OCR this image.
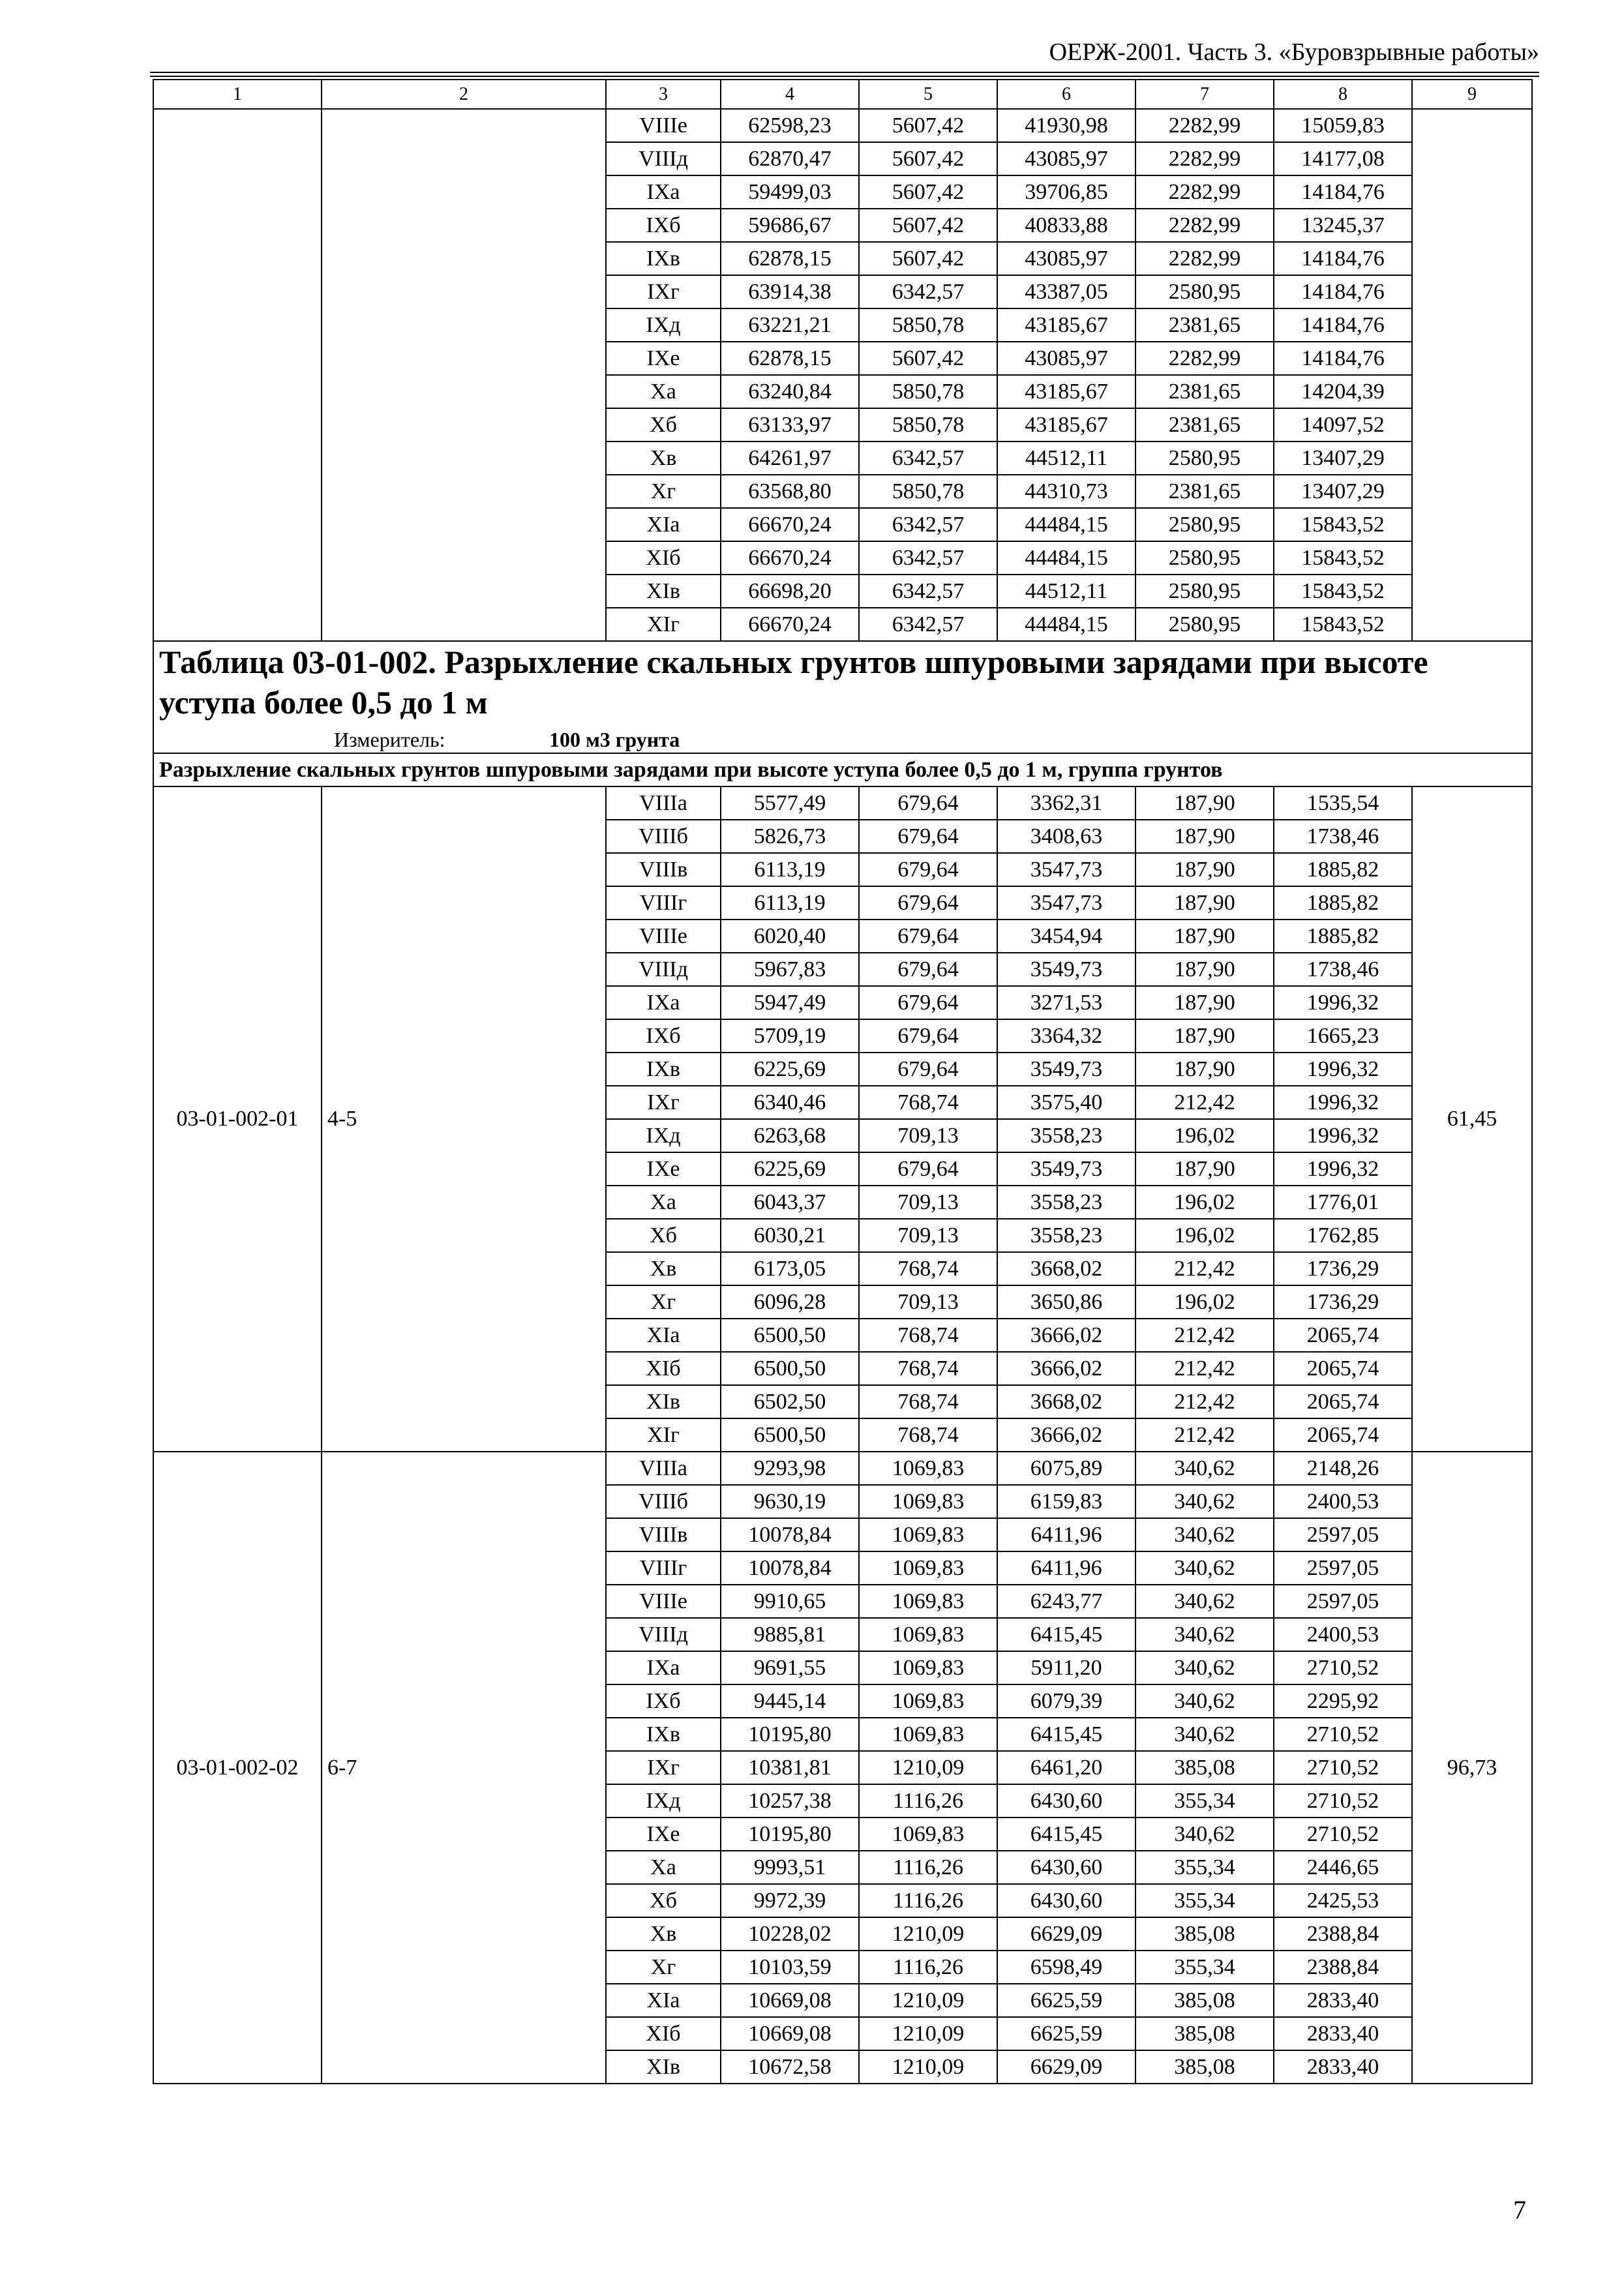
ОЕРЖ-2001. Часть 3. «Буровзрывные работы»
1	2	3	4	5	6	7	8	9
		VIIIe	62598,23	5607,42	41930,98	2282,99	15059,83	
		VIIIд	62870,47	5607,42	43085,97	2282,99	14177,08	
		IXa	59499,03	5607,42	39706,85	2282,99	14184,76	
		IXб	59686,67	5607,42	40833,88	2282,99	13245,37	
		IXв	62878,15	5607,42	43085,97	2282,99	14184,76	
		IXг	63914,38	6342,57	43387,05	2580,95	14184,76	
		IXд	63221,21	5850,78	43185,67	2381,65	14184,76	
		IXe	62878,15	5607,42	43085,97	2282,99	14184,76	
		Xa	63240,84	5850,78	43185,67	2381,65	14204,39	
		Xб	63133,97	5850,78	43185,67	2381,65	14097,52	
		Xв	64261,97	6342,57	44512,11	2580,95	13407,29	
		Xг	63568,80	5850,78	44310,73	2381,65	13407,29	
		XIa	66670,24	6342,57	44484,15	2580,95	15843,52	
		XIб	66670,24	6342,57	44484,15	2580,95	15843,52	
		XIв	66698,20	6342,57	44512,11	2580,95	15843,52	
		XIг	66670,24	6342,57	44484,15	2580,95	15843,52	

Таблица 03-01-002. Разрыхление скальных грунтов шпуровыми зарядами при высоте уступа более 0,5 до 1 м
Измеритель: 100 м3 грунта								

Разрыхление скальных грунтов шпуровыми зарядами при высоте уступа более 0,5 до 1 м, группа грунтов								
03-01-002-01	4-5	VIIIa	5577,49	679,64	3362,31	187,90	1535,54	61,45
		VIIIб	5826,73	679,64	3408,63	187,90	1738,46	
		VIIIв	6113,19	679,64	3547,73	187,90	1885,82	
		VIIIг	6113,19	679,64	3547,73	187,90	1885,82	
		VIIIe	6020,40	679,64	3454,94	187,90	1885,82	
		VIIIд	5967,83	679,64	3549,73	187,90	1738,46	
		IXa	5947,49	679,64	3271,53	187,90	1996,32	
		IXб	5709,19	679,64	3364,32	187,90	1665,23	
		IXв	6225,69	679,64	3549,73	187,90	1996,32	
		IXг	6340,46	768,74	3575,40	212,42	1996,32	
		IXд	6263,68	709,13	3558,23	196,02	1996,32	
		IXe	6225,69	679,64	3549,73	187,90	1996,32	
		Xa	6043,37	709,13	3558,23	196,02	1776,01	
		Xб	6030,21	709,13	3558,23	196,02	1762,85	
		Xв	6173,05	768,74	3668,02	212,42	1736,29	
		Xг	6096,28	709,13	3650,86	196,02	1736,29	
		XIa	6500,50	768,74	3666,02	212,42	2065,74	
		XIб	6500,50	768,74	3666,02	212,42	2065,74	
		XIв	6502,50	768,74	3668,02	212,42	2065,74	
		XIг	6500,50	768,74	3666,02	212,42	2065,74	
03-01-002-02	6-7	VIIIa	9293,98	1069,83	6075,89	340,62	2148,26	96,73
		VIIIб	9630,19	1069,83	6159,83	340,62	2400,53	
		VIIIв	10078,84	1069,83	6411,96	340,62	2597,05	
		VIIIг	10078,84	1069,83	6411,96	340,62	2597,05	
		VIIIe	9910,65	1069,83	6243,77	340,62	2597,05	
		VIIIд	9885,81	1069,83	6415,45	340,62	2400,53	
		IXa	9691,55	1069,83	5911,20	340,62	2710,52	
		IXб	9445,14	1069,83	6079,39	340,62	2295,92	
		IXв	10195,80	1069,83	6415,45	340,62	2710,52	
		IXг	10381,81	1210,09	6461,20	385,08	2710,52	
		IXд	10257,38	1116,26	6430,60	355,34	2710,52	
		IXe	10195,80	1069,83	6415,45	340,62	2710,52	
		Xa	9993,51	1116,26	6430,60	355,34	2446,65	
		Xб	9972,39	1116,26	6430,60	355,34	2425,53	
		Xв	10228,02	1210,09	6629,09	385,08	2388,84	
		Xг	10103,59	1116,26	6598,49	355,34	2388,84	
		XIa	10669,08	1210,09	6625,59	385,08	2833,40	
		XIб	10669,08	1210,09	6625,59	385,08	2833,40	
		XIв	10672,58	1210,09	6629,09	385,08	2833,40	
7
